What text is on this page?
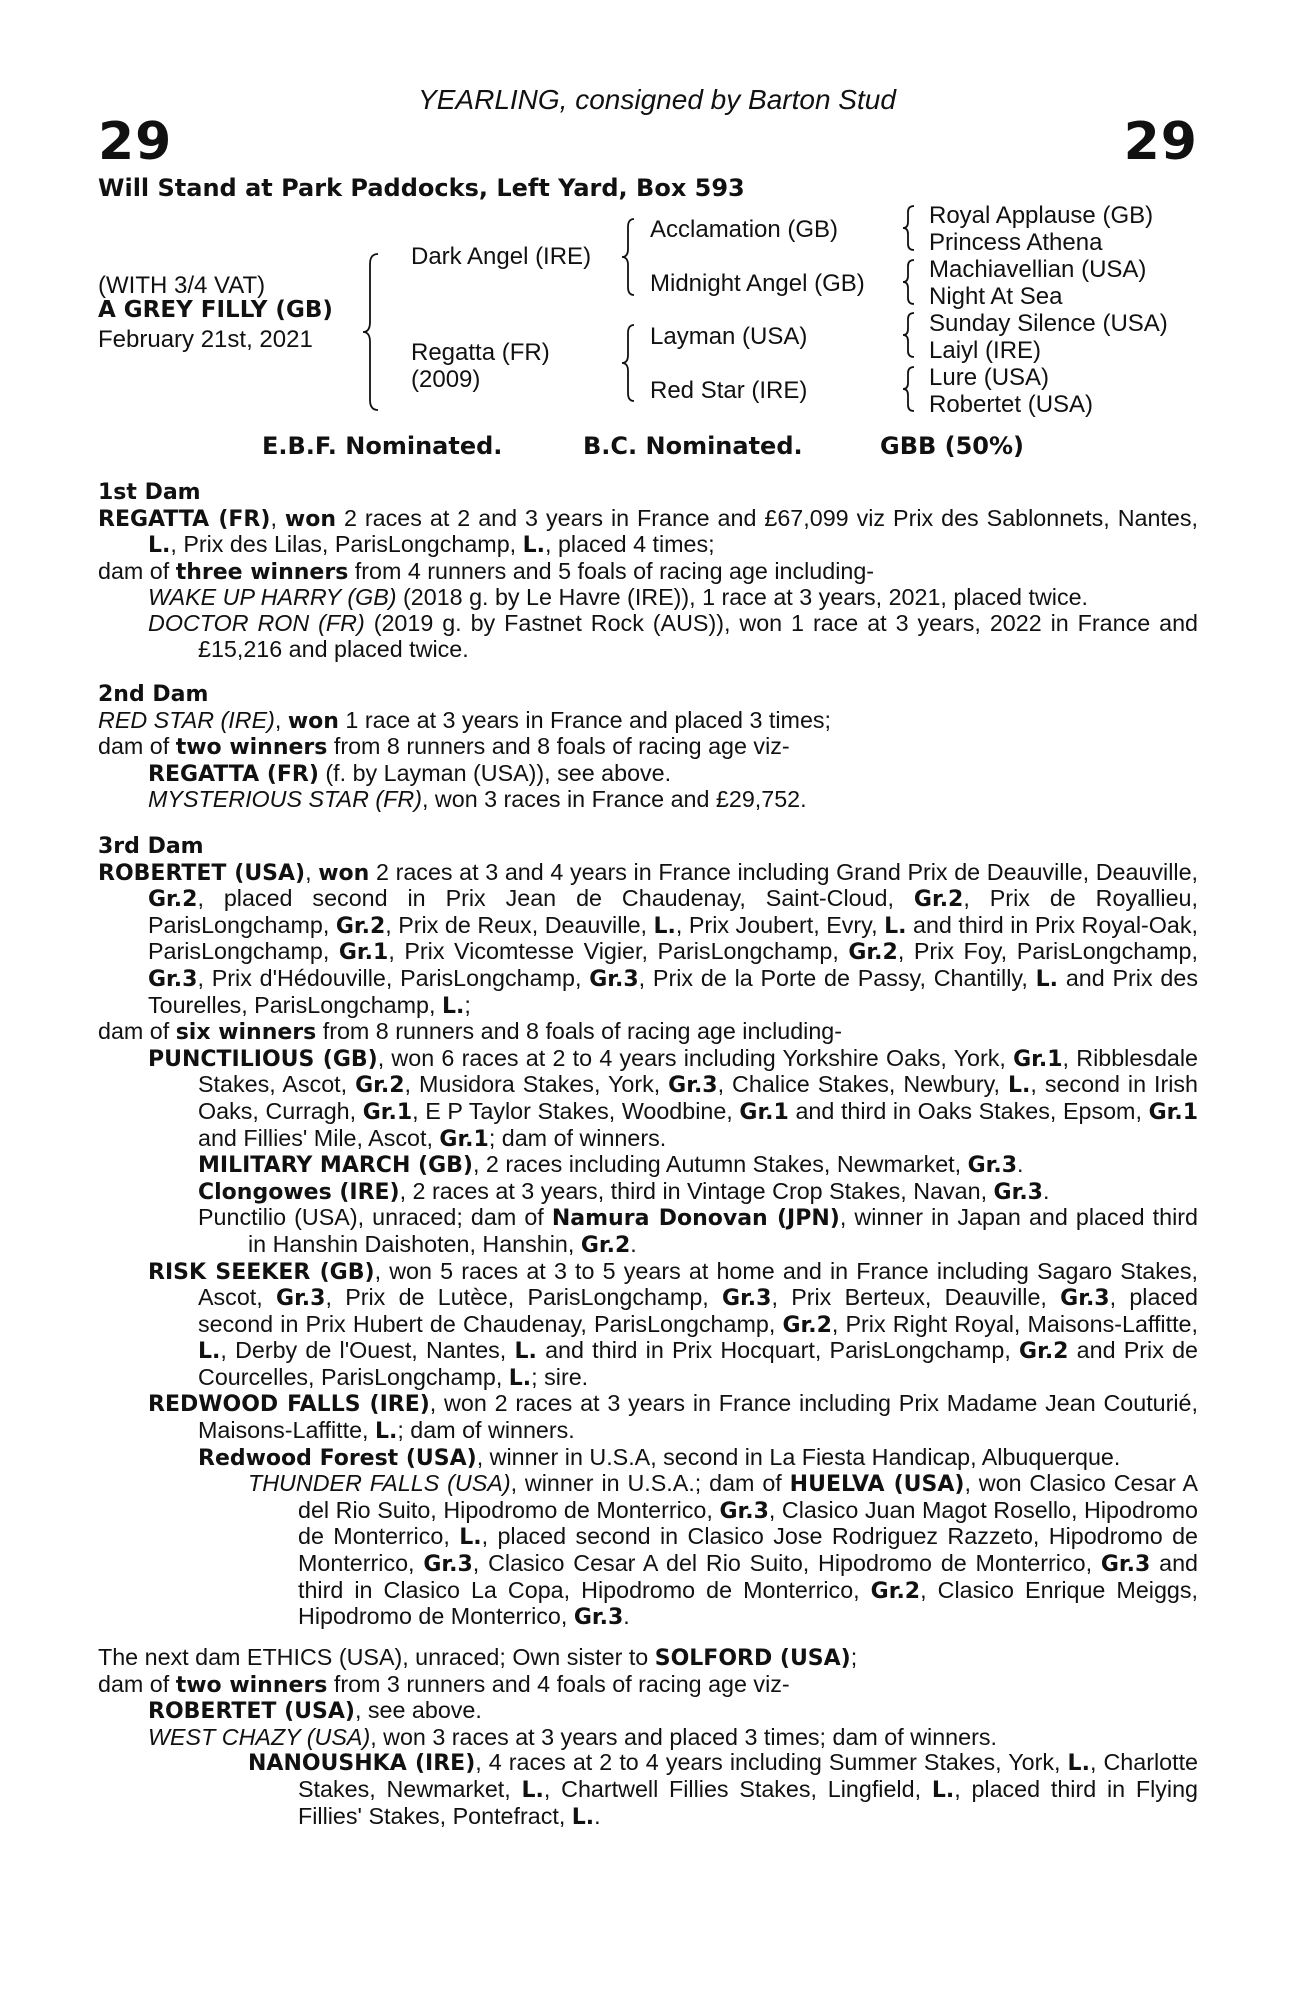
YEARLING, consigned by Barton Stud
29	29
Will Stand at Park Paddocks, Left Yard, Box 593
(WITH 3/4 VAT)
A GREY FILLY (GB)
February 21st, 2021
Dark Angel (IRE)
Regatta (FR)
(2009)
Acclamation (GB)
Midnight Angel (GB)
Layman (USA)
Red Star (IRE)
Royal Applause (GB)
Princess Athena
Machiavellian (USA)
Night At Sea
Sunday Silence (USA)
Laiyl (IRE)
Lure (USA)
Robertet (USA)
E.B.F. Nominated.	B.C. Nominated.	GBB (50%)
1st Dam
REGATTA (FR), won 2 races at 2 and 3 years in France and £67,099 viz Prix des Sablonnets, Nantes, L., Prix des Lilas, ParisLongchamp, L., placed 4 times;
dam of three winners from 4 runners and 5 foals of racing age including-
WAKE UP HARRY (GB) (2018 g. by Le Havre (IRE)), 1 race at 3 years, 2021, placed twice.
DOCTOR RON (FR) (2019 g. by Fastnet Rock (AUS)), won 1 race at 3 years, 2022 in France and £15,216 and placed twice.
2nd Dam
RED STAR (IRE), won 1 race at 3 years in France and placed 3 times;
dam of two winners from 8 runners and 8 foals of racing age viz-
REGATTA (FR) (f. by Layman (USA)), see above.
MYSTERIOUS STAR (FR), won 3 races in France and £29,752.
3rd Dam
ROBERTET (USA), won 2 races at 3 and 4 years in France including Grand Prix de Deauville, Deauville, Gr.2, placed second in Prix Jean de Chaudenay, Saint-Cloud, Gr.2, Prix de Royallieu, ParisLongchamp, Gr.2, Prix de Reux, Deauville, L., Prix Joubert, Evry, L. and third in Prix Royal-Oak, ParisLongchamp, Gr.1, Prix Vicomtesse Vigier, ParisLongchamp, Gr.2, Prix Foy, ParisLongchamp, Gr.3, Prix d'Hédouville, ParisLongchamp, Gr.3, Prix de la Porte de Passy, Chantilly, L. and Prix des Tourelles, ParisLongchamp, L.;
dam of six winners from 8 runners and 8 foals of racing age including-
PUNCTILIOUS (GB), won 6 races at 2 to 4 years including Yorkshire Oaks, York, Gr.1, Ribblesdale Stakes, Ascot, Gr.2, Musidora Stakes, York, Gr.3, Chalice Stakes, Newbury, L., second in Irish Oaks, Curragh, Gr.1, E P Taylor Stakes, Woodbine, Gr.1 and third in Oaks Stakes, Epsom, Gr.1 and Fillies' Mile, Ascot, Gr.1; dam of winners.
MILITARY MARCH (GB), 2 races including Autumn Stakes, Newmarket, Gr.3.
Clongowes (IRE), 2 races at 3 years, third in Vintage Crop Stakes, Navan, Gr.3.
Punctilio (USA), unraced; dam of Namura Donovan (JPN), winner in Japan and placed third in Hanshin Daishoten, Hanshin, Gr.2.
RISK SEEKER (GB), won 5 races at 3 to 5 years at home and in France including Sagaro Stakes, Ascot, Gr.3, Prix de Lutèce, ParisLongchamp, Gr.3, Prix Berteux, Deauville, Gr.3, placed second in Prix Hubert de Chaudenay, ParisLongchamp, Gr.2, Prix Right Royal, Maisons-Laffitte, L., Derby de l'Ouest, Nantes, L. and third in Prix Hocquart, ParisLongchamp, Gr.2 and Prix de Courcelles, ParisLongchamp, L.; sire.
REDWOOD FALLS (IRE), won 2 races at 3 years in France including Prix Madame Jean Couturié, Maisons-Laffitte, L.; dam of winners.
Redwood Forest (USA), winner in U.S.A, second in La Fiesta Handicap, Albuquerque.
THUNDER FALLS (USA), winner in U.S.A.; dam of HUELVA (USA), won Clasico Cesar A del Rio Suito, Hipodromo de Monterrico, Gr.3, Clasico Juan Magot Rosello, Hipodromo de Monterrico, L., placed second in Clasico Jose Rodriguez Razzeto, Hipodromo de Monterrico, Gr.3, Clasico Cesar A del Rio Suito, Hipodromo de Monterrico, Gr.3 and third in Clasico La Copa, Hipodromo de Monterrico, Gr.2, Clasico Enrique Meiggs, Hipodromo de Monterrico, Gr.3.
The next dam ETHICS (USA), unraced; Own sister to SOLFORD (USA);
dam of two winners from 3 runners and 4 foals of racing age viz-
ROBERTET (USA), see above.
WEST CHAZY (USA), won 3 races at 3 years and placed 3 times; dam of winners.
NANOUSHKA (IRE), 4 races at 2 to 4 years including Summer Stakes, York, L., Charlotte Stakes, Newmarket, L., Chartwell Fillies Stakes, Lingfield, L., placed third in Flying Fillies' Stakes, Pontefract, L..
